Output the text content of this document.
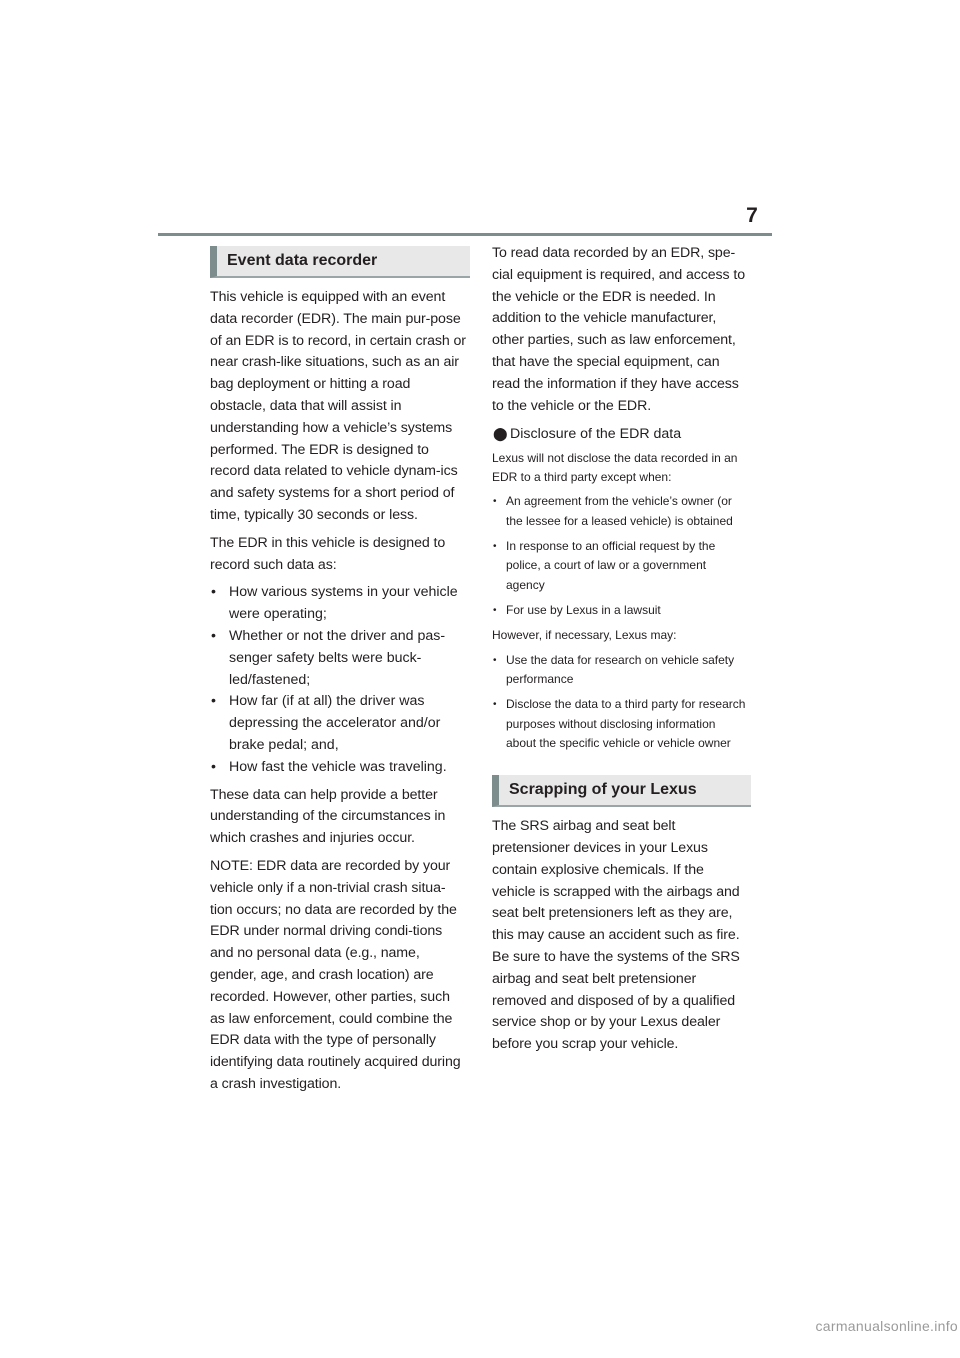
7
Event data recorder

This vehicle is equipped with an event data recorder (EDR). The main pur-pose of an EDR is to record, in certain crash or near crash-like situations, such as an air bag deployment or hitting a road obstacle, data that will assist in understanding how a vehicle’s systems performed. The EDR is designed to record data related to vehicle dynam-ics and safety systems for a short period of time, typically 30 seconds or less.

The EDR in this vehicle is designed to record such data as:

• How various systems in your vehicle were operating;
• Whether or not the driver and pas-senger safety belts were buck-led/fastened;
• How far (if at all) the driver was depressing the accelerator and/or brake pedal; and,
• How fast the vehicle was traveling.

These data can help provide a better understanding of the circumstances in which crashes and injuries occur.

NOTE: EDR data are recorded by your vehicle only if a non-trivial crash situa-tion occurs; no data are recorded by the EDR under normal driving condi-tions and no personal data (e.g., name, gender, age, and crash location) are recorded. However, other parties, such as law enforcement, could combine the EDR data with the type of personally identifying data routinely acquired during a crash investigation.

To read data recorded by an EDR, spe-cial equipment is required, and access to the vehicle or the EDR is needed. In addition to the vehicle manufacturer, other parties, such as law enforcement, that have the special equipment, can read the information if they have access to the vehicle or the EDR.

⬤ Disclosure of the EDR data

Lexus will not disclose the data recorded in an EDR to a third party except when:

• An agreement from the vehicle’s owner (or the lessee for a leased vehicle) is obtained
• In response to an official request by the police, a court of law or a government agency
• For use by Lexus in a lawsuit

However, if necessary, Lexus may:

• Use the data for research on vehicle safety performance
• Disclose the data to a third party for research purposes without disclosing information about the specific vehicle or vehicle owner
Scrapping of your Lexus

The SRS airbag and seat belt pretensioner devices in your Lexus contain explosive chemicals. If the vehicle is scrapped with the airbags and seat belt pretensioners left as they are, this may cause an accident such as fire. Be sure to have the systems of the SRS airbag and seat belt pretensioner removed and disposed of by a qualified service shop or by your Lexus dealer before you scrap your vehicle.

carmanualsonline.info
